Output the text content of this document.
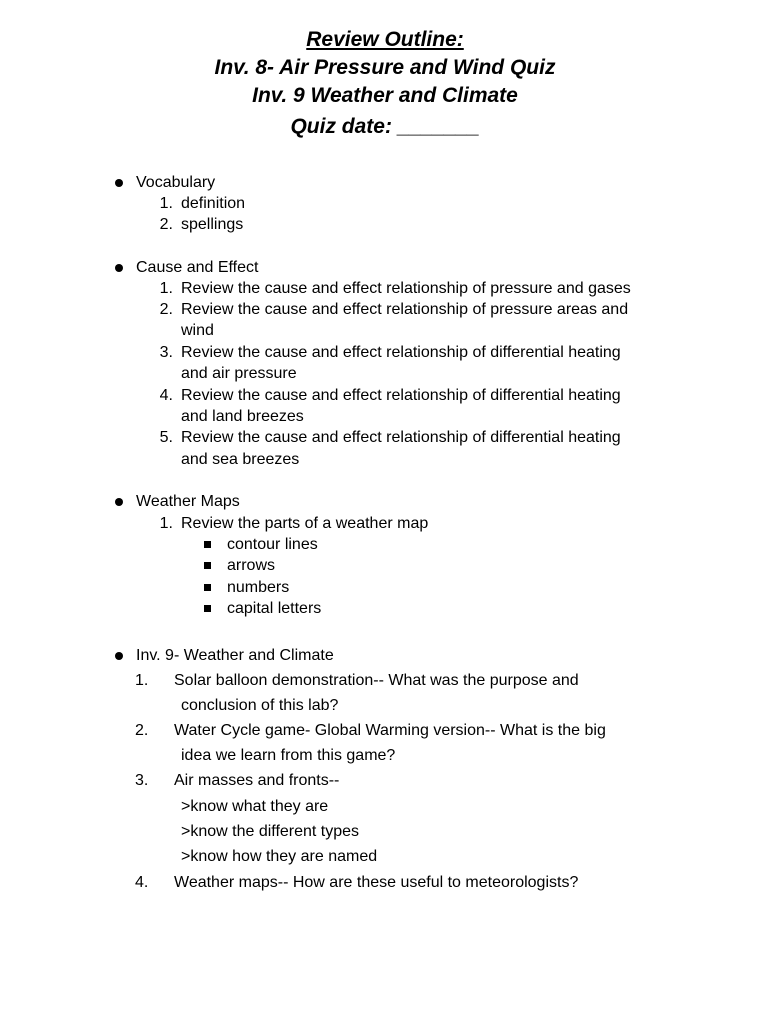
Review Outline:
Inv. 8- Air Pressure and Wind Quiz
Inv. 9 Weather and Climate
Quiz date: _______
Vocabulary
1. definition
2. spellings
Cause and Effect
1. Review the cause and effect relationship of pressure and gases
2. Review the cause and effect relationship of pressure areas and
wind
3. Review the cause and effect relationship of differential heating
and air pressure
4. Review the cause and effect relationship of differential heating
and land breezes
5. Review the cause and effect relationship of differential heating
and sea breezes
Weather Maps
1. Review the parts of a weather map
contour lines
arrows
numbers
capital letters
Inv. 9- Weather and Climate
1. Solar balloon demonstration-- What was the purpose and
conclusion of this lab?
2. Water Cycle game- Global Warming version-- What is the big
idea we learn from this game?
3. Air masses and fronts--
>know what they are
>know the different types
>know how they are named
4. Weather maps-- How are these useful to meteorologists?
